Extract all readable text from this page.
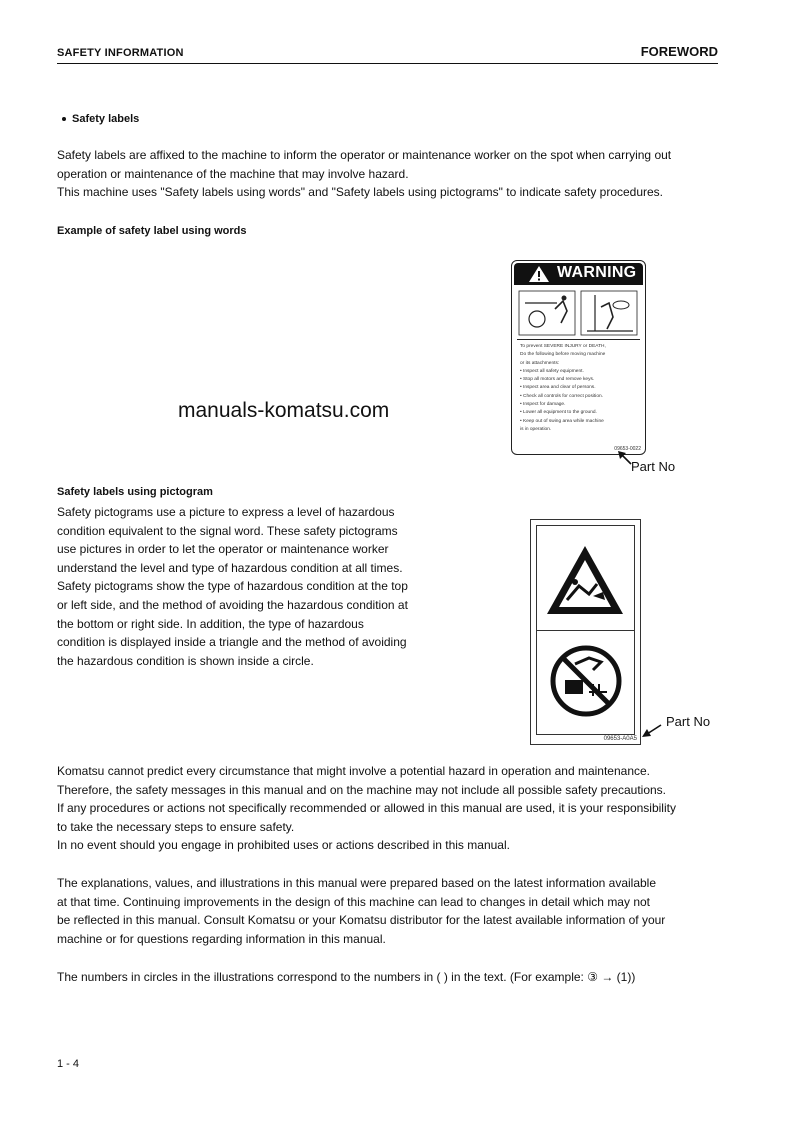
SAFETY INFORMATION	FOREWORD
Safety labels
Safety labels are affixed to the machine to inform the operator or maintenance worker on the spot when carrying out
operation or maintenance of the machine that may involve hazard.
This machine uses "Safety labels using words" and "Safety labels using pictograms" to indicate safety procedures.
Example of safety label using words
WARNING
To prevent SEVERE INJURY or DEATH,
Do the following before moving machine
or its attachments:
• Inspect all safety equipment.
• Stop all motors and remove keys.
• Inspect area and clear of persons.
• Check all controls for correct position.
• Inspect for damage.
• Lower all equipment to the ground.
• Keep out of swing area while machine
is in operation.
09653-0022
Part No
manuals-komatsu.com
Safety labels using pictogram
Safety pictograms use a picture to express a level of hazardous
condition equivalent to the signal word. These safety pictograms
use pictures in order to let the operator or maintenance worker
understand the level and type of hazardous condition at all times.
Safety pictograms show the type of hazardous condition at the top
or left side, and the method of avoiding the hazardous condition at
the bottom or right side. In addition, the type of hazardous
condition is displayed inside a triangle and the method of avoiding
the hazardous condition is shown inside a circle.
09653-A0A5
Part No
Komatsu cannot predict every circumstance that might involve a potential hazard in operation and maintenance.
Therefore, the safety messages in this manual and on the machine may not include all possible safety precautions.
If any procedures or actions not specifically recommended or allowed in this manual are used, it is your responsibility
to take the necessary steps to ensure safety.
In no event should you engage in prohibited uses or actions described in this manual.
The explanations, values, and illustrations in this manual were prepared based on the latest information available
at that time. Continuing improvements in the design of this machine can lead to changes in detail which may not
be reflected in this manual. Consult Komatsu or your Komatsu distributor for the latest available information of your
machine or for questions regarding information in this manual.
The numbers in circles in the illustrations correspond to the numbers in ( ) in the text. (For example: ③ → (1))
1 - 4
